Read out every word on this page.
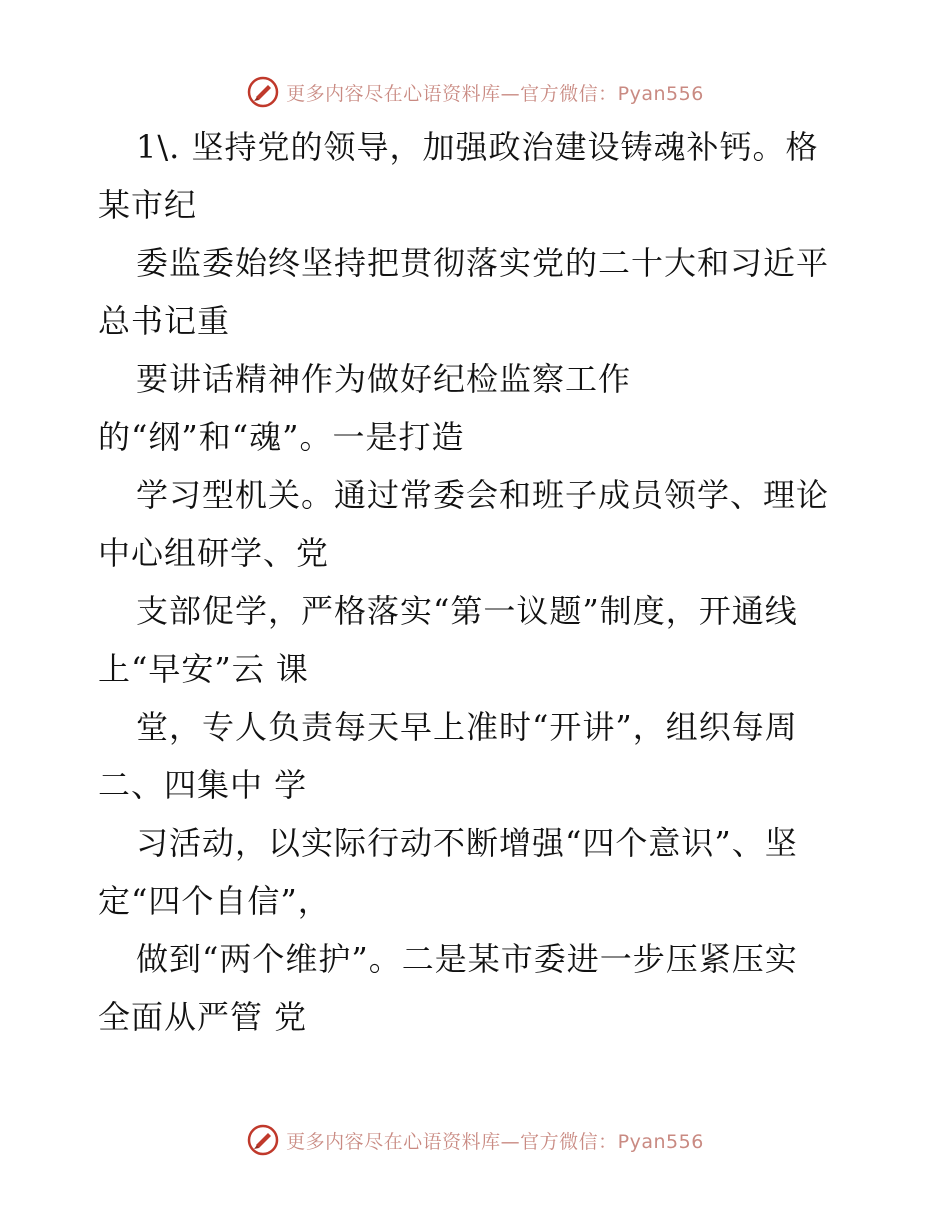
更多内容尽在心语资料库—官方微信：Pyan556
1\. 坚持党的领导，加强政治建设铸魂补钙。格
某市纪
委监委始终坚持把贯彻落实党的二十大和习近平
总书记重
要讲话精神作为做好纪检监察工作
的“纲”和“魂”。一是打造
学习型机关。通过常委会和班子成员领学、理论
中心组研学、党
支部促学，严格落实“第一议题”制度，开通线
上“早安”云 课
堂，专人负责每天早上准时“开讲”，组织每周
二、四集中 学
习活动，以实际行动不断增强“四个意识”、坚
定“四个自信”，
做到“两个维护”。二是某市委进一步压紧压实
全面从严管 党
更多内容尽在心语资料库—官方微信：Pyan556
